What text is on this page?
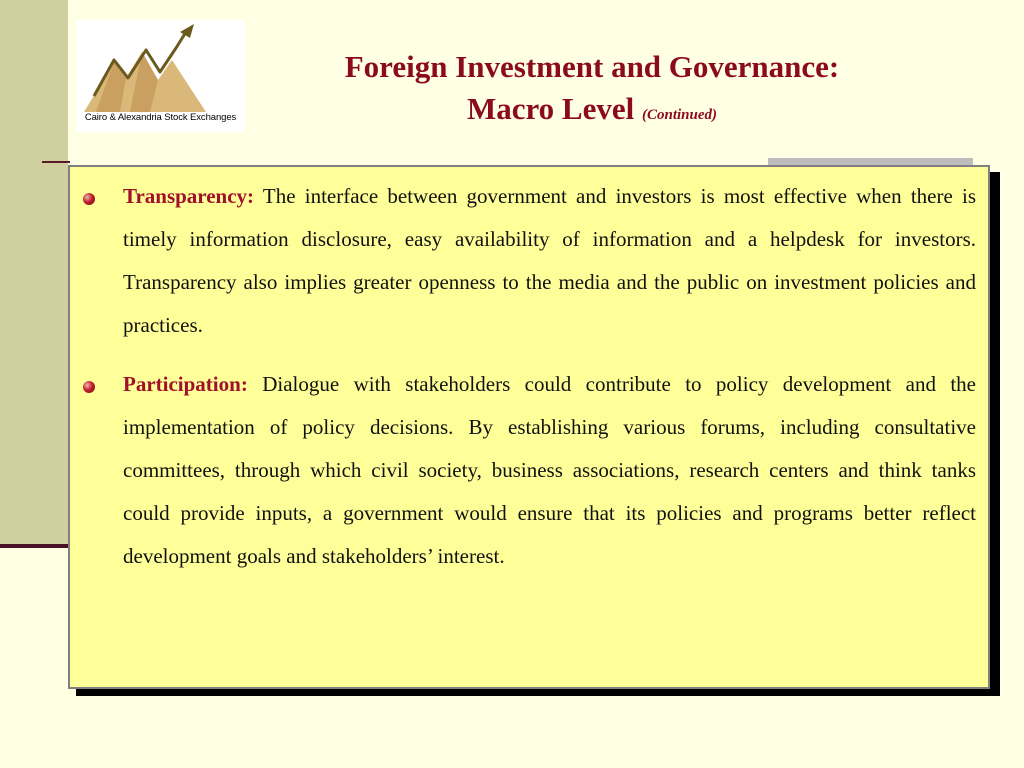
Cairo & Alexandria Stock Exchanges
Foreign Investment and Governance:
Macro Level (Continued)
Transparency: The interface between government and investors is most effective when there is timely information disclosure, easy availability of information and a helpdesk for investors. Transparency also implies greater openness to the media and the public on investment policies and practices.
Participation: Dialogue with stakeholders could contribute to policy development and the implementation of policy decisions. By establishing various forums, including consultative committees, through which civil society, business associations, research centers and think tanks could provide inputs, a government would ensure that its policies and programs better reflect development goals and stakeholders’ interest.
